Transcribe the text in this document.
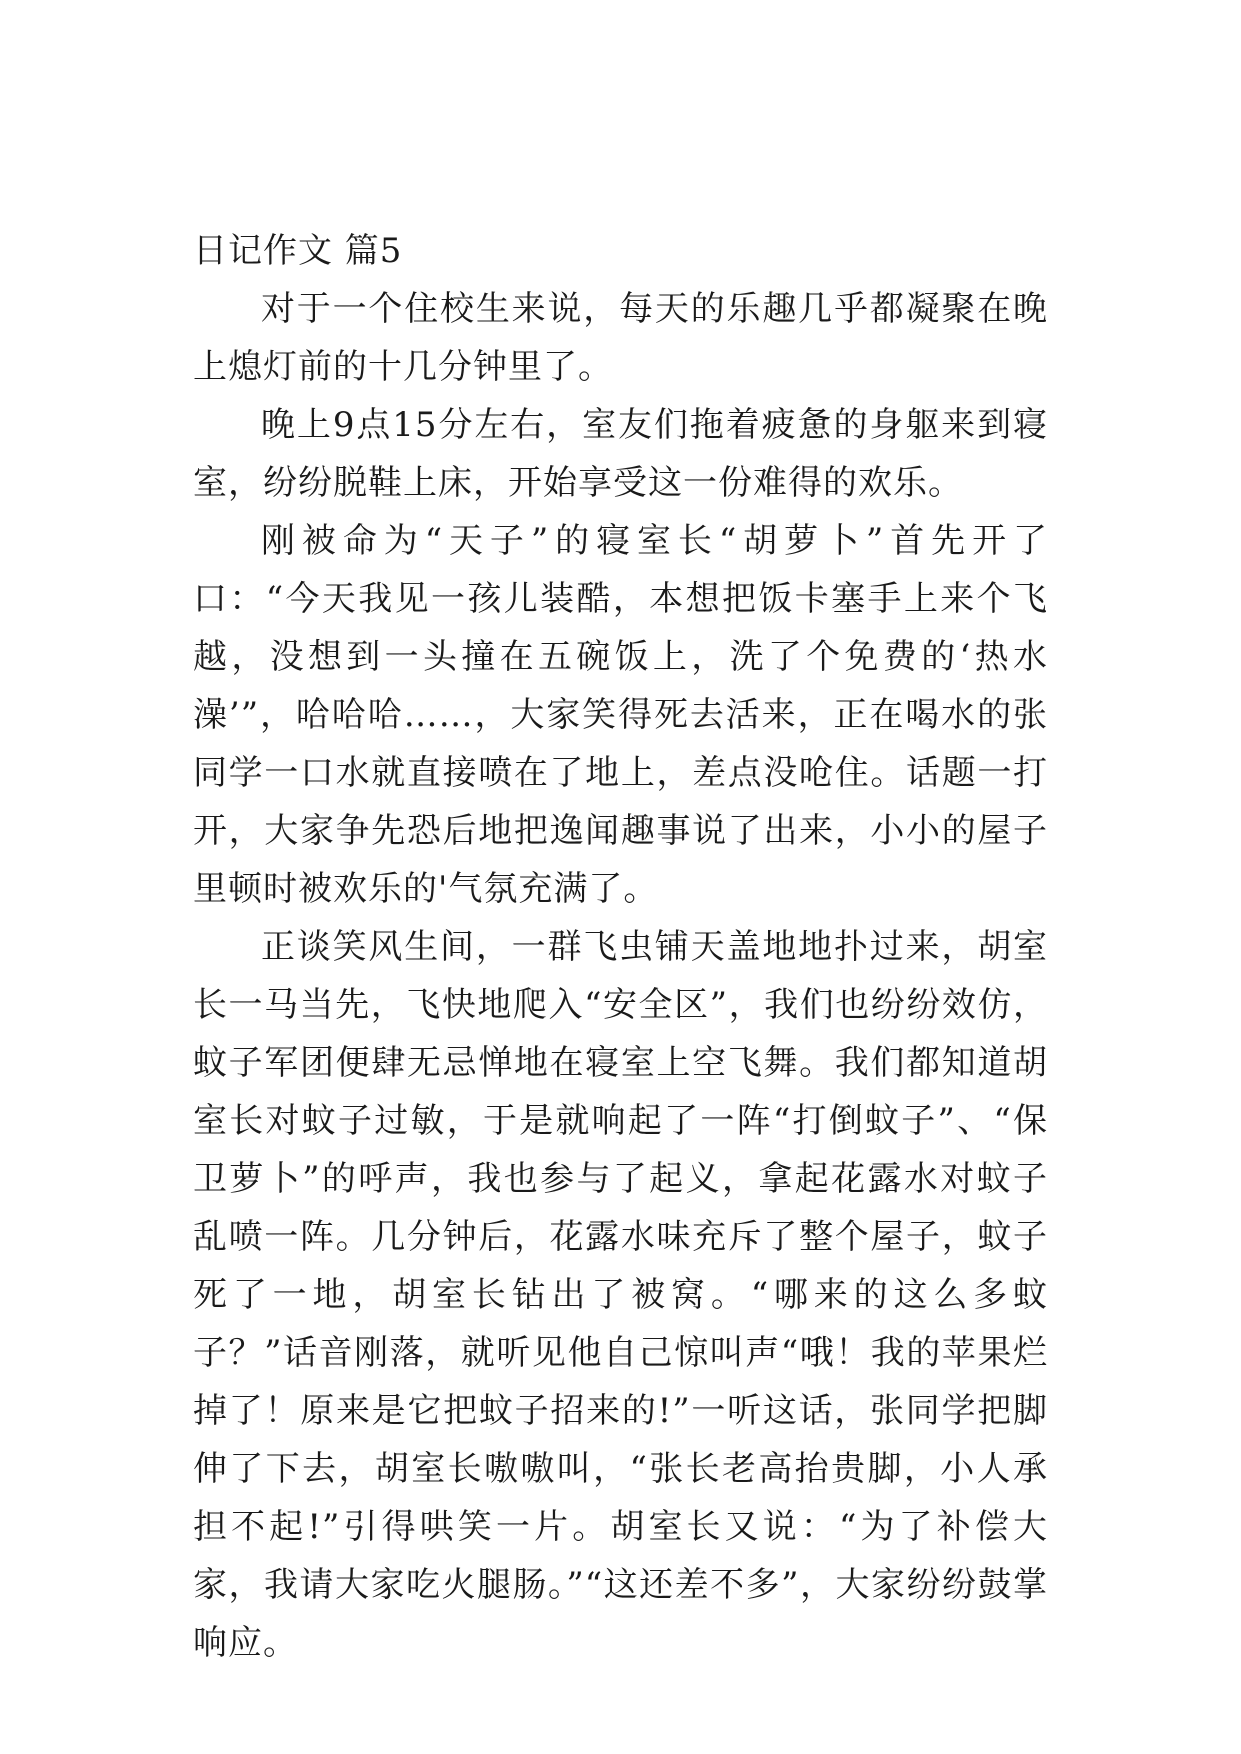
日记作文 篇5

对于一个住校生来说，每天的乐趣几乎都凝聚在晚上熄灯前的十几分钟里了。

晚上9点15分左右，室友们拖着疲惫的身躯来到寝室，纷纷脱鞋上床，开始享受这一份难得的欢乐。

刚被命为“天子”的寝室长“胡萝卜”首先开了口：“今天我见一孩儿装酷，本想把饭卡塞手上来个飞越，没想到一头撞在五碗饭上，洗了个免费的‘热水澡’”，哈哈哈……，大家笑得死去活来，正在喝水的张同学一口水就直接喷在了地上，差点没呛住。话题一打开，大家争先恐后地把逸闻趣事说了出来，小小的屋子里顿时被欢乐的'气氛充满了。

正谈笑风生间，一群飞虫铺天盖地地扑过来，胡室长一马当先，飞快地爬入“安全区”，我们也纷纷效仿，蚊子军团便肆无忌惮地在寝室上空飞舞。我们都知道胡室长对蚊子过敏，于是就响起了一阵“打倒蚊子”、“保卫萝卜”的呼声，我也参与了起义，拿起花露水对蚊子乱喷一阵。几分钟后，花露水味充斥了整个屋子，蚊子死了一地，胡室长钻出了被窝。“哪来的这么多蚊子？”话音刚落，就听见他自己惊叫声“哦！我的苹果烂掉了！原来是它把蚊子招来的!”一听这话，张同学把脚伸了下去，胡室长嗷嗷叫，“张长老高抬贵脚，小人承担不起!”引得哄笑一片。胡室长又说：“为了补偿大家，我请大家吃火腿肠。”“这还差不多”，大家纷纷鼓掌响应。
